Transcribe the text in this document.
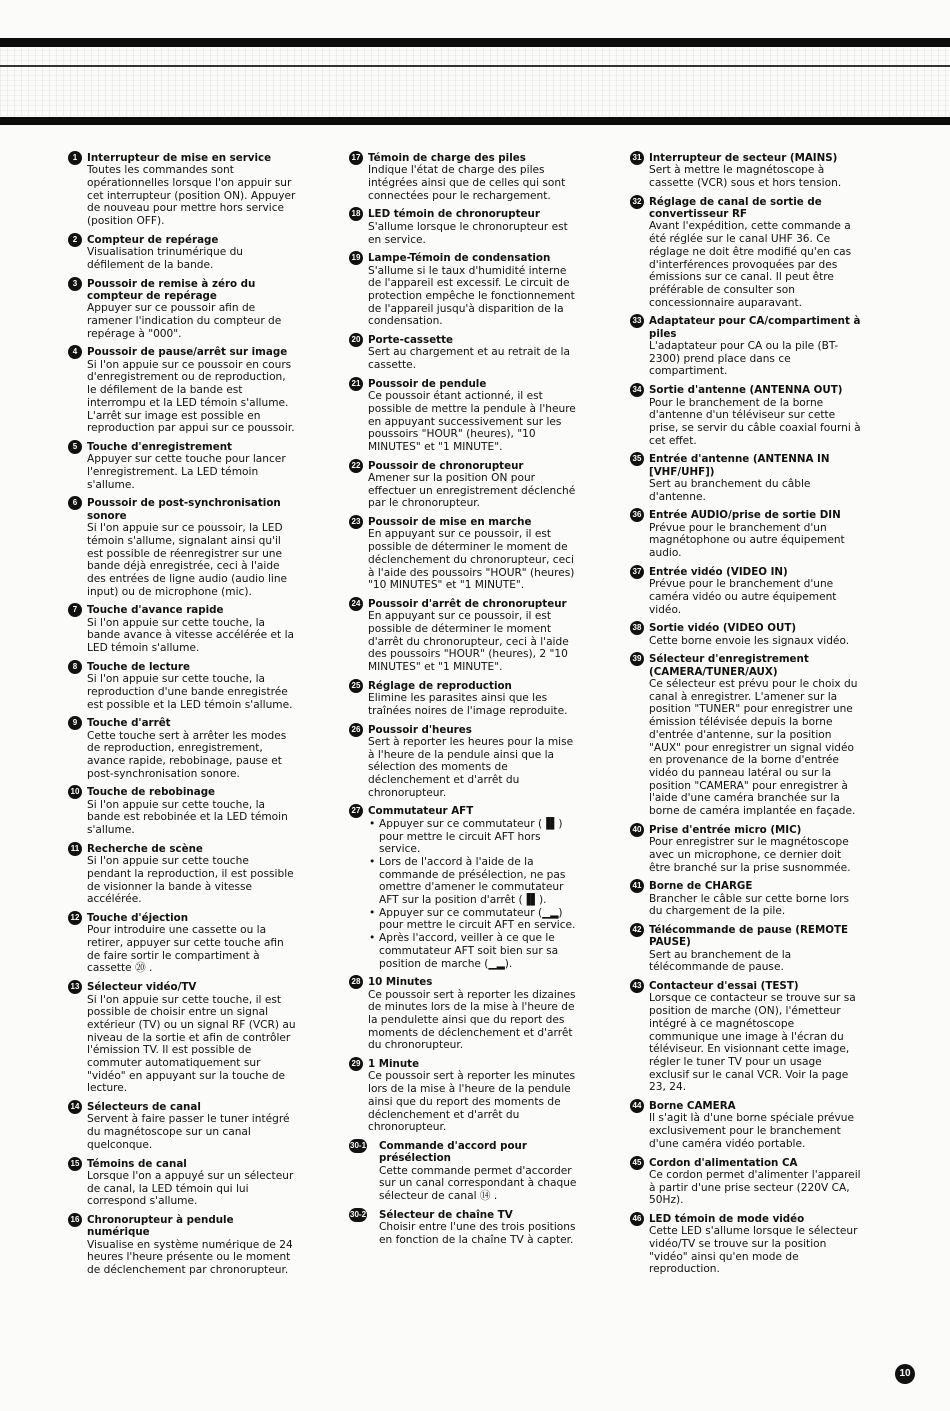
1 Interrupteur de mise en service

Toutes les commandes sont opérationnelles lorsque l'on appuir sur cet interrupteur (position ON). Appuyer de nouveau pour mettre hors service (position OFF).

2 Compteur de repérage

Visualisation trinumérique du défilement de la bande.

3 Poussoir de remise à zéro du compteur de repérage

Appuyer sur ce poussoir afin de ramener l'indication du compteur de repérage à "000".

4 Poussoir de pause/arrêt sur image

Si l'on appuie sur ce poussoir en cours d'enregistrement ou de reproduction, le défilement de la bande est interrompu et la LED témoin s'allume. L'arrêt sur image est possible en reproduction par appui sur ce poussoir.

5 Touche d'enregistrement

Appuyer sur cette touche pour lancer l'enregistrement. La LED témoin s'allume.

6 Poussoir de post-synchronisation sonore

Si l'on appuie sur ce poussoir, la LED témoin s'allume, signalant ainsi qu'il est possible de réenregistrer sur une bande déjà enregistrée, ceci à l'aide des entrées de ligne audio (audio line input) ou de microphone (mic).

7 Touche d'avance rapide

Si l'on appuie sur cette touche, la bande avance à vitesse accélérée et la LED témoin s'allume.

8 Touche de lecture

Si l'on appuie sur cette touche, la reproduction d'une bande enregistrée est possible et la LED témoin s'allume.

9 Touche d'arrêt

Cette touche sert à arrêter les modes de reproduction, enregistrement, avance rapide, rebobinage, pause et post-synchronisation sonore.

10 Touche de rebobinage

Si l'on appuie sur cette touche, la bande est rebobinée et la LED témoin s'allume.

11 Recherche de scène

Si l'on appuie sur cette touche pendant la reproduction, il est possible de visionner la bande à vitesse accélérée.

12 Touche d'éjection

Pour introduire une cassette ou la retirer, appuyer sur cette touche afin de faire sortir le compartiment à cassette ⑳ .

13 Sélecteur vidéo/TV

Si l'on appuie sur cette touche, il est possible de choisir entre un signal extérieur (TV) ou un signal RF (VCR) au niveau de la sortie et afin de contrôler l'émission TV. Il est possible de commuter automatiquement sur "vidéo" en appuyant sur la touche de lecture.

14 Sélecteurs de canal

Servent à faire passer le tuner intégré du magnétoscope sur un canal quelconque.

15 Témoins de canal

Lorsque l'on a appuyé sur un sélecteur de canal, la LED témoin qui lui correspond s'allume.

16 Chronorupteur à pendule numérique

Visualise en système numérique de 24 heures l'heure présente ou le moment de déclenchement par chronorupteur.

17 Témoin de charge des piles

Indique l'état de charge des piles intégrées ainsi que de celles qui sont connectées pour le rechargement.

18 LED témoin de chronorupteur

S'allume lorsque le chronorupteur est en service.

19 Lampe-Témoin de condensation

S'allume si le taux d'humidité interne de l'appareil est excessif. Le circuit de protection empêche le fonctionnement de l'appareil jusqu'à disparition de la condensation.

20 Porte-cassette

Sert au chargement et au retrait de la cassette.

21 Poussoir de pendule

Ce poussoir étant actionné, il est possible de mettre la pendule à l'heure en appuyant successivement sur les poussoirs "HOUR" (heures), "10 MINUTES" et "1 MINUTE".

22 Poussoir de chronorupteur

Amener sur la position ON pour effectuer un enregistrement déclenché par le chronorupteur.

23 Poussoir de mise en marche

En appuyant sur ce poussoir, il est possible de déterminer le moment de déclenchement du chronorupteur, ceci à l'aide des poussoirs "HOUR" (heures) "10 MINUTES" et "1 MINUTE".

24 Poussoir d'arrêt de chronorupteur

En appuyant sur ce poussoir, il est possible de déterminer le moment d'arrêt du chronorupteur, ceci à l'aide des poussoirs "HOUR" (heures), 2 "10 MINUTES" et "1 MINUTE".

25 Réglage de reproduction

Elimine les parasites ainsi que les traînées noires de l'image reproduite.

26 Poussoir d'heures

Sert à reporter les heures pour la mise à l'heure de la pendule ainsi que la sélection des moments de déclenchement et d'arrêt du chronorupteur.

27 Commutateur AFT
• Appuyer sur ce commutateur (▐▌) pour mettre le circuit AFT hors service.
• Lors de l'accord à l'aide de la commande de présélection, ne pas omettre d'amener le commutateur AFT sur la position d'arrêt (▐▌).
• Appuyer sur ce commutateur (▁▂) pour mettre le circuit AFT en service.
• Après l'accord, veiller à ce que le commutateur AFT soit bien sur sa position de marche (▁▂).
28 10 Minutes

Ce poussoir sert à reporter les dizaines de minutes lors de la mise à l'heure de la pendulette ainsi que du report des moments de déclenchement et d'arrêt du chronorupteur.

29 1 Minute

Ce poussoir sert à reporter les minutes lors de la mise à l'heure de la pendule ainsi que du report des moments de déclenchement et d'arrêt du chronorupteur.

30-1 Commande d'accord pour présélection

Cette commande permet d'accorder sur un canal correspondant à chaque sélecteur de canal ⑭ .

30-2 Sélecteur de chaîne TV

Choisir entre l'une des trois positions en fonction de la chaîne TV à capter.

31 Interrupteur de secteur (MAINS)

Sert à mettre le magnétoscope à cassette (VCR) sous et hors tension.

32 Réglage de canal de sortie de convertisseur RF

Avant l'expédition, cette commande a été réglée sur le canal UHF 36. Ce réglage ne doit être modifié qu'en cas d'interférences provoquées par des émissions sur ce canal. Il peut être préférable de consulter son concessionnaire auparavant.

33 Adaptateur pour CA/compartiment à piles

L'adaptateur pour CA ou la pile (BT-2300) prend place dans ce compartiment.

34 Sortie d'antenne (ANTENNA OUT)

Pour le branchement de la borne d'antenne d'un téléviseur sur cette prise, se servir du câble coaxial fourni à cet effet.

35 Entrée d'antenne (ANTENNA IN [VHF/UHF])

Sert au branchement du câble d'antenne.

36 Entrée AUDIO/prise de sortie DIN

Prévue pour le branchement d'un magnétophone ou autre équipement audio.

37 Entrée vidéo (VIDEO IN)

Prévue pour le branchement d'une caméra vidéo ou autre équipement vidéo.

38 Sortie vidéo (VIDEO OUT)

Cette borne envoie les signaux vidéo.

39 Sélecteur d'enregistrement (CAMERA/TUNER/AUX)

Ce sélecteur est prévu pour le choix du canal à enregistrer. L'amener sur la position "TUNER" pour enregistrer une émission télévisée depuis la borne d'entrée d'antenne, sur la position "AUX" pour enregistrer un signal vidéo en provenance de la borne d'entrée vidéo du panneau latéral ou sur la position "CAMERA" pour enregistrer à l'aide d'une caméra branchée sur la borne de caméra implantée en façade.

40 Prise d'entrée micro (MIC)

Pour enregistrer sur le magnétoscope avec un microphone, ce dernier doit être branché sur la prise susnommée.

41 Borne de CHARGE

Brancher le câble sur cette borne lors du chargement de la pile.

42 Télécommande de pause (REMOTE PAUSE)

Sert au branchement de la télécommande de pause.

43 Contacteur d'essai (TEST)

Lorsque ce contacteur se trouve sur sa position de marche (ON), l'émetteur intégré à ce magnétoscope communique une image à l'écran du téléviseur. En visionnant cette image, régler le tuner TV pour un usage exclusif sur le canal VCR. Voir la page 23, 24.

44 Borne CAMERA

Il s'agit là d'une borne spéciale prévue exclusivement pour le branchement d'une caméra vidéo portable.

45 Cordon d'alimentation CA

Ce cordon permet d'alimenter l'appareil à partir d'une prise secteur (220V CA, 50Hz).

46 LED témoin de mode vidéo

Cette LED s'allume lorsque le sélecteur vidéo/TV se trouve sur la position "vidéo" ainsi qu'en mode de reproduction.

10
